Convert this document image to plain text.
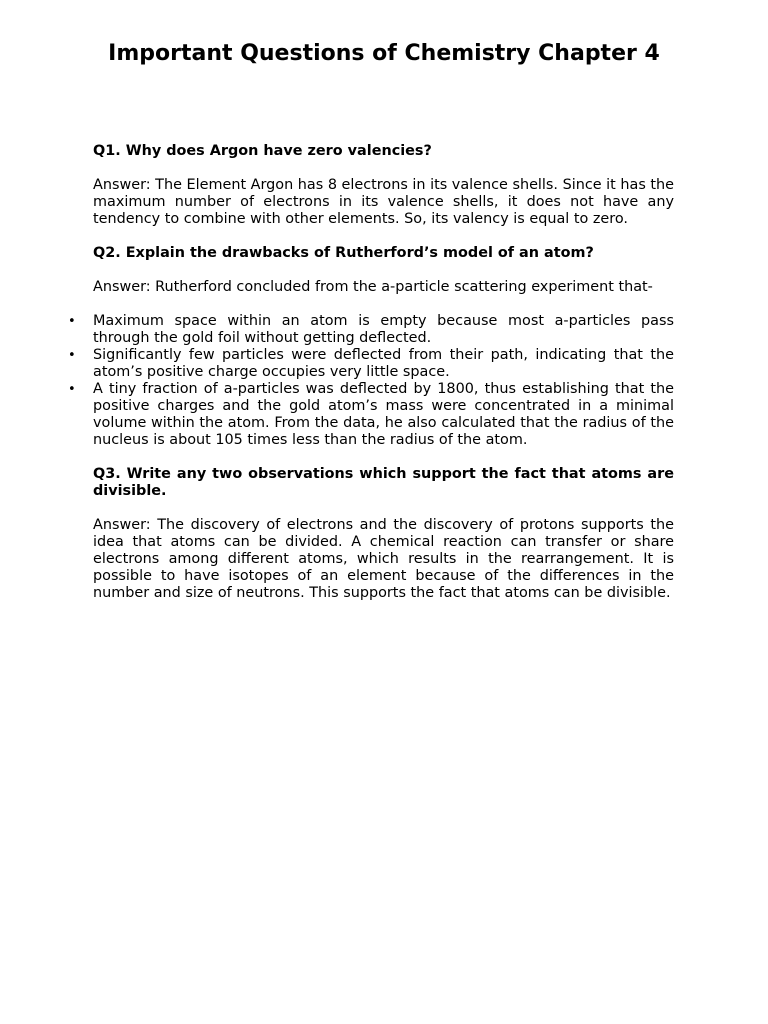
Important Questions of Chemistry Chapter 4

Q1. Why does Argon have zero valencies?

Answer: The Element Argon has 8 electrons in its valence shells. Since it has the maximum number of electrons in its valence shells, it does not have any tendency to combine with other elements. So, its valency is equal to zero.

Q2. Explain the drawbacks of Rutherford’s model of an atom?

Answer: Rutherford concluded from the a-particle scattering experiment that-

• Maximum space within an atom is empty because most a-particles pass through the gold foil without getting deflected.
• Significantly few particles were deflected from their path, indicating that the atom’s positive charge occupies very little space.
• A tiny fraction of a-particles was deflected by 1800, thus establishing that the positive charges and the gold atom’s mass were concentrated in a minimal volume within the atom. From the data, he also calculated that the radius of the nucleus is about 105 times less than the radius of the atom.

Q3. Write any two observations which support the fact that atoms are divisible.

Answer: The discovery of electrons and the discovery of protons supports the idea that atoms can be divided. A chemical reaction can transfer or share electrons among different atoms, which results in the rearrangement. It is possible to have isotopes of an element because of the differences in the number and size of neutrons. This supports the fact that atoms can be divisible.
